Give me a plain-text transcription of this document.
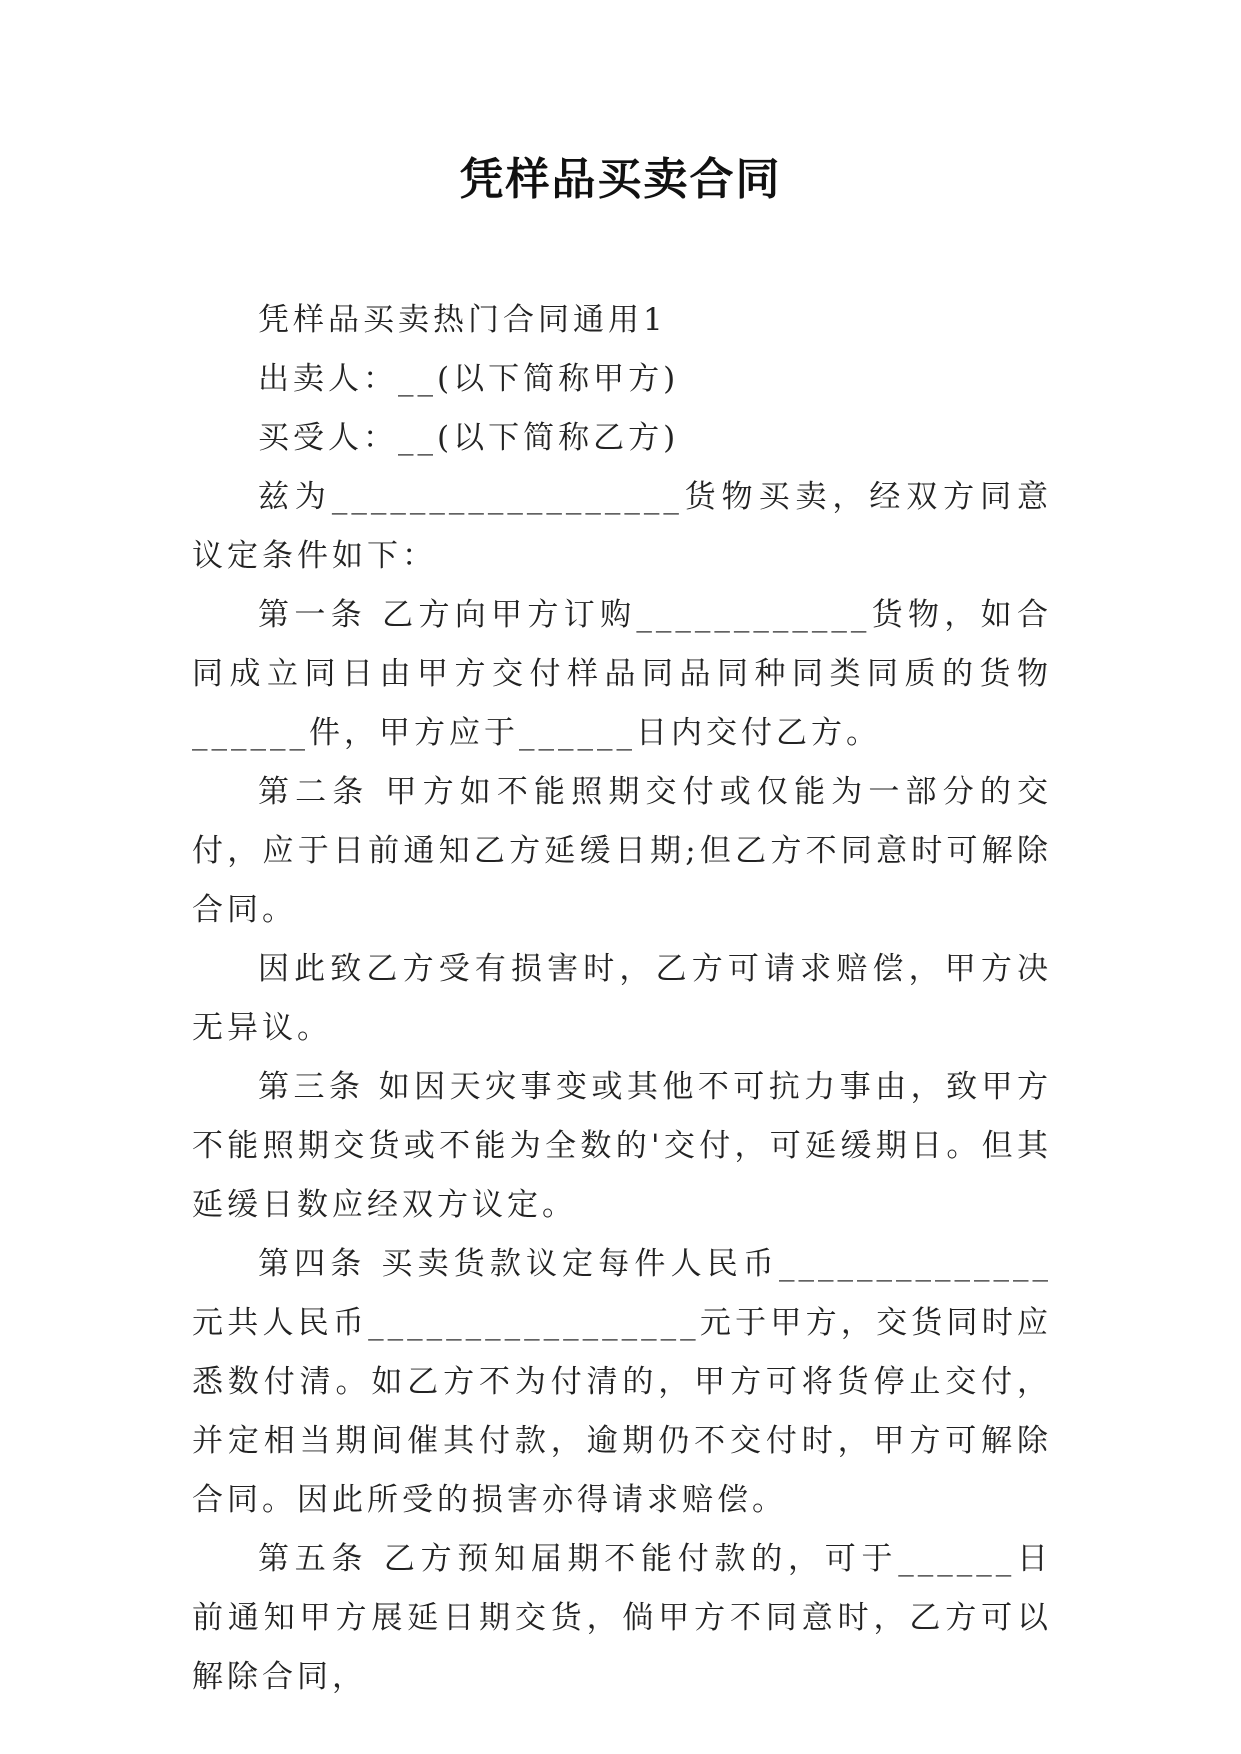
凭样品买卖合同

凭样品买卖热门合同通用1

出卖人：__(以下简称甲方)

买受人：__(以下简称乙方)

兹为__________________货物买卖，经双方同意议定条件如下：

第一条 乙方向甲方订购____________货物，如合同成立同日由甲方交付样品同品同种同类同质的货物______件，甲方应于______日内交付乙方。

第二条 甲方如不能照期交付或仅能为一部分的交付，应于日前通知乙方延缓日期;但乙方不同意时可解除合同。

因此致乙方受有损害时，乙方可请求赔偿，甲方决无异议。

第三条 如因天灾事变或其他不可抗力事由，致甲方不能照期交货或不能为全数的'交付，可延缓期日。但其延缓日数应经双方议定。

第四条 买卖货款议定每件人民币______________元共人民币_________________元于甲方，交货同时应悉数付清。如乙方不为付清的，甲方可将货停止交付，并定相当期间催其付款，逾期仍不交付时，甲方可解除合同。因此所受的损害亦得请求赔偿。

第五条 乙方预知届期不能付款的，可于______日前通知甲方展延日期交货，倘甲方不同意时，乙方可以解除合同，
